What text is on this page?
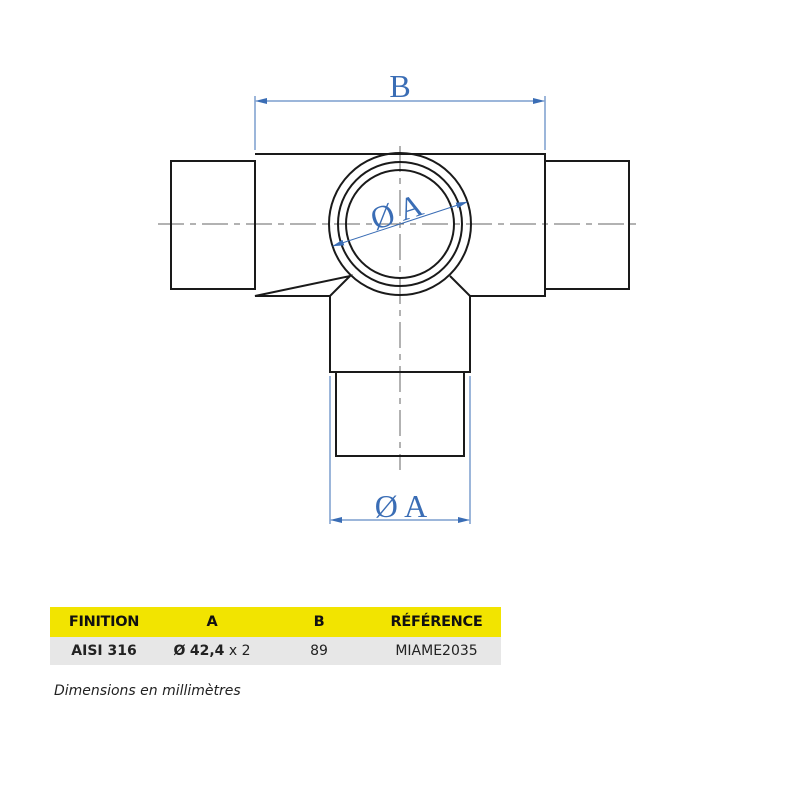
B
Ø A
Ø A
FINITION	A	B	RÉFÉRENCE
AISI 316	Ø 42,4 x 2	89	MIAME2035
Dimensions en millimètres
